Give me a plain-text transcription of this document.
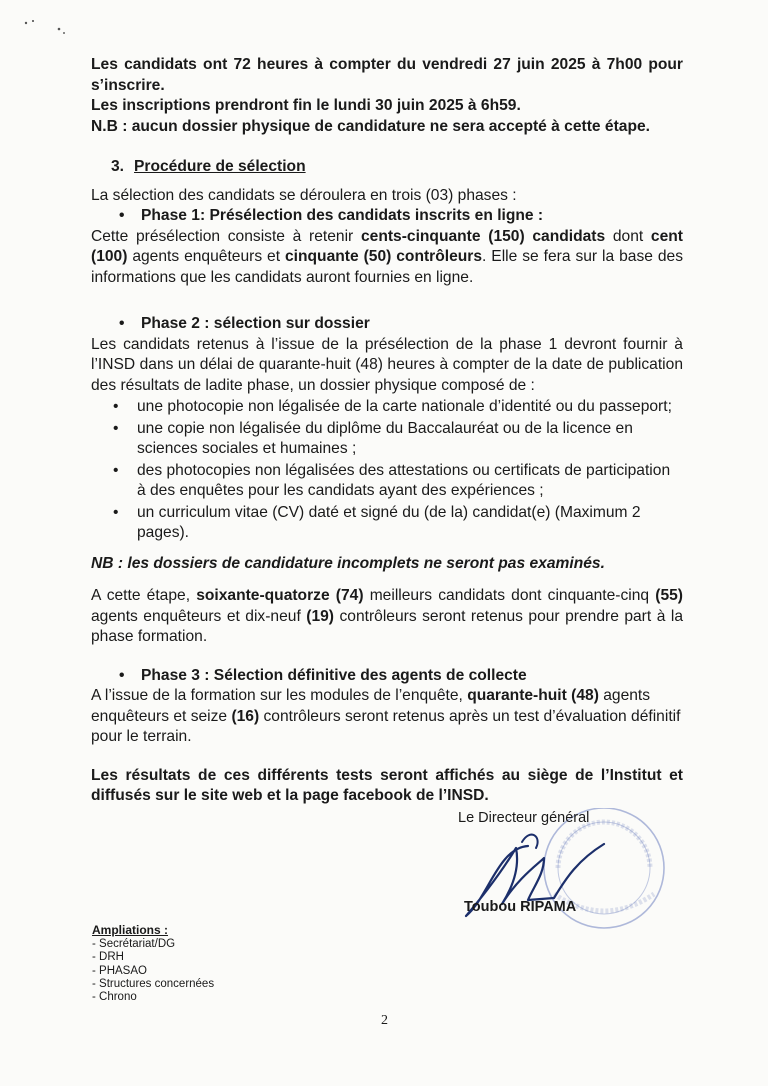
Les candidats ont 72 heures à compter du vendredi 27 juin 2025 à 7h00 pour s’inscrire.

Les inscriptions prendront fin le lundi 30 juin 2025 à 6h59.

N.B : aucun dossier physique de candidature ne sera accepté à cette étape.

3. Procédure de sélection

La sélection des candidats se déroulera en trois (03) phases :

•	Phase 1: Présélection des candidats inscrits en ligne :

Cette présélection consiste à retenir cents-cinquante (150) candidats dont cent (100) agents enquêteurs et cinquante (50) contrôleurs. Elle se fera sur la base des informations que les candidats auront fournies en ligne.

•	Phase 2 : sélection sur dossier

Les candidats retenus à l’issue de la présélection de la phase 1 devront fournir à l’INSD dans un délai de quarante-huit (48) heures à compter de la date de publication des résultats de ladite phase, un dossier physique composé de :

•	une photocopie non légalisée de la carte nationale d’identité ou du passeport;
•	une copie non légalisée du diplôme du Baccalauréat ou de la licence en sciences sociales et humaines ;
•	des photocopies non légalisées des attestations ou certificats de participation à des enquêtes pour les candidats ayant des expériences ;
•	un curriculum vitae (CV) daté et signé du (de la) candidat(e) (Maximum 2 pages).

NB : les dossiers de candidature incomplets ne seront pas examinés.

A cette étape, soixante-quatorze (74) meilleurs candidats dont cinquante-cinq (55) agents enquêteurs et dix-neuf (19) contrôleurs seront retenus pour prendre part à la phase formation.

•	Phase 3 : Sélection définitive des agents de collecte

A l’issue de la formation sur les modules de l’enquête, quarante-huit (48) agents enquêteurs et seize (16) contrôleurs seront retenus après un test d’évaluation définitif pour le terrain.

Les résultats de ces différents tests seront affichés au siège de l’Institut et diffusés sur le site web et la page facebook de l’INSD.

Le Directeur général
Toubou RIPAMA
Ampliations :
- Secrétariat/DG
- DRH
- PHASAO
- Structures concernées
- Chrono
2
